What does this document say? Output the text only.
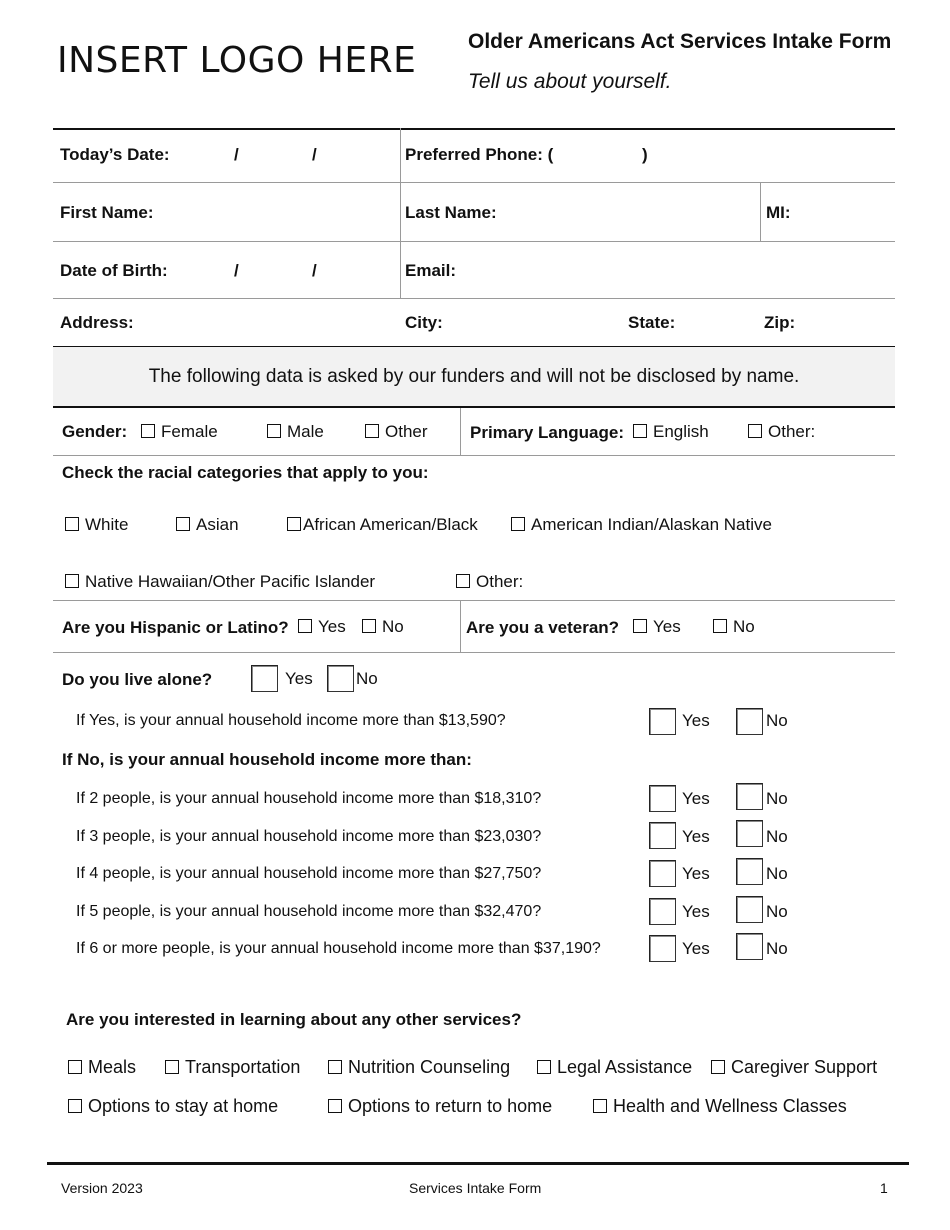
INSERT LOGO HERE Older Americans Act Services Intake Form
Tell us about yourself.
Today’s Date:	/	/	Preferred Phone: (	)
First Name:	Last Name:	MI:
Date of Birth:	/	/	Email:
Address:	City:	State:	Zip:
The following data is asked by our funders and will not be disclosed by name.
Gender:	Female	Male	Other Primary Language:	English	Other:
Check the racial categories that apply to you:
White	Asian	African American/Black	American Indian/Alaskan Native
Native Hawaiian/Other Pacific Islander	Other:
Are you Hispanic or Latino?	Yes	No	Are you a veteran?	Yes	No
Do you live alone?	Yes	No
If Yes, is your annual household income more than $13,590?	Yes	No
If No, is your annual household income more than:
If 2 people, is your annual household income more than $18,310?	Yes	No
If 3 people, is your annual household income more than $23,030?	Yes	No
If 4 people, is your annual household income more than $27,750?	Yes	No
If 5 people, is your annual household income more than $32,470?	Yes	No
If 6 or more people, is your annual household income more than $37,190?	Yes	No
Are you interested in learning about any other services?
Meals	Transportation	Nutrition Counseling	Legal Assistance	Caregiver Support
Options to stay at home	Options to return to home	Health and Wellness Classes
Version 2023	Services Intake Form	1
